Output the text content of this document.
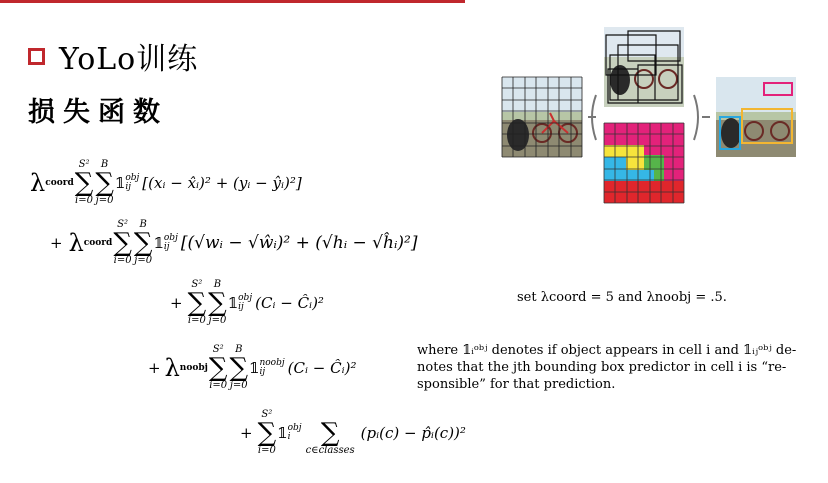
YoLo训练
损失函数
λ coord
S²
∑
i=0
B
∑
j=0
𝟙 obj
ij [(xᵢ − x̂ᵢ)² + (yᵢ − ŷᵢ)²]
+ λ coord
S²
∑
i=0
B
∑
j=0
𝟙 obj
ij [(√wᵢ − √ŵᵢ)² + (√hᵢ − √ĥᵢ)²]
+
S²
∑
i=0
B
∑
j=0
𝟙 obj
ij (Cᵢ − Ĉᵢ)²
+ λ noobj
S²
∑
i=0
B
∑
j=0
𝟙 noobj
ij	(Cᵢ − Ĉᵢ)²
+
S²
∑
i=0
𝟙 obj
i
	∑
c∈classes
(pᵢ(c) − p̂ᵢ(c))²
set λcoord = 5 and λnoobj = .5.
where 𝟙ᵢᵒᵇʲ denotes if object appears in cell i and 𝟙ᵢⱼᵒᵇʲ de-
notes that the jth bounding box predictor in cell i is “re-
sponsible” for that prediction.
